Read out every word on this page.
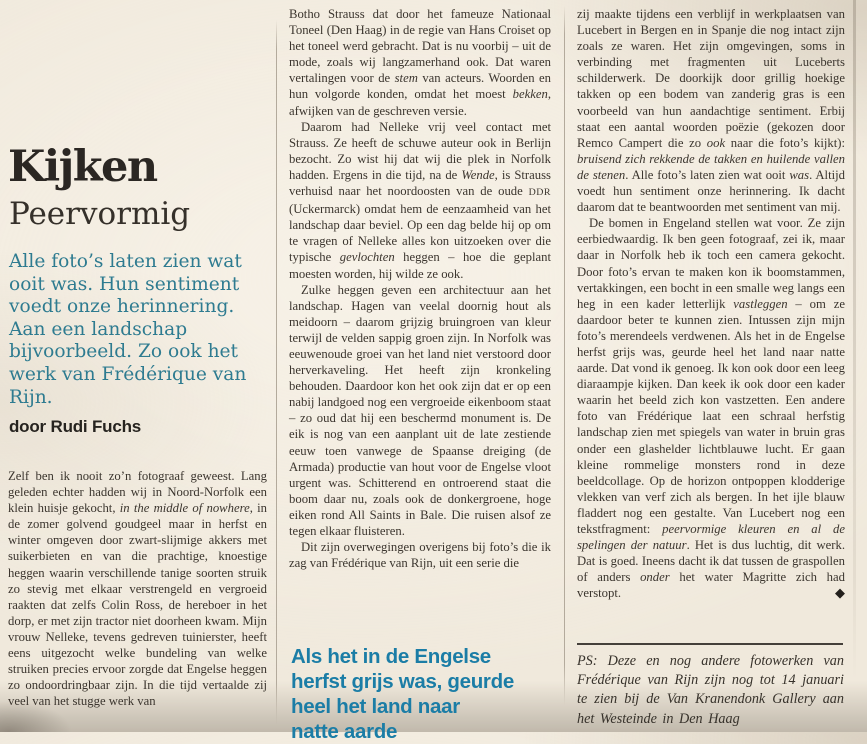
Kijken
Peervormig
Alle foto’s laten zien wat ooit was. Hun sentiment voedt onze herinnering. Aan een landschap bijvoorbeeld. Zo ook het werk van Frédérique van Rijn.
door Rudi Fuchs

Zelf ben ik nooit zo’n fotograaf geweest. Lang geleden echter hadden wij in Noord-Norfolk een klein huisje gekocht, in the middle of nowhere, in de zomer golvend goudgeel maar in herfst en winter omgeven door zwart-slijmige akkers met suikerbieten en van die prachtige, knoestige heggen waarin verschillende tanige soorten struik zo stevig met elkaar verstrengeld en vergroeid raakten dat zelfs Colin Ross, de hereboer in het dorp, er met zijn tractor niet doorheen kwam. Mijn vrouw Nelleke, tevens gedreven tuinierster, heeft eens uitgezocht welke bundeling van welke struiken precies ervoor zorgde dat Engelse heggen zo ondoordringbaar zijn. In die tijd vertaalde zij veel van het stugge werk van

Botho Strauss dat door het fameuze Nationaal Toneel (Den Haag) in de regie van Hans Croiset op het toneel werd gebracht. Dat is nu voorbij – uit de mode, zoals wij langzamerhand ook. Dat waren vertalingen voor de stem van acteurs. Woorden en hun volgorde konden, omdat het moest bekken, afwijken van de geschreven versie.

Daarom had Nelleke vrij veel contact met Strauss. Ze heeft de schuwe auteur ook in Berlijn bezocht. Zo wist hij dat wij die plek in Norfolk hadden. Ergens in die tijd, na de Wende, is Strauss verhuisd naar het noordoosten van de oude DDR (Uckermarck) omdat hem de eenzaamheid van het landschap daar beviel. Op een dag belde hij op om te vragen of Nelleke alles kon uitzoeken over die typische gevlochten heggen – hoe die geplant moesten worden, hij wilde ze ook.

Zulke heggen geven een architectuur aan het landschap. Hagen van veelal doornig hout als meidoorn – daarom grijzig bruingroen van kleur terwijl de velden sappig groen zijn. In Norfolk was eeuwenoude groei van het land niet verstoord door herverkaveling. Het heeft zijn kronkeling behouden. Daardoor kon het ook zijn dat er op een nabij landgoed nog een vergroeide eikenboom staat – zo oud dat hij een beschermd monument is. De eik is nog van een aanplant uit de late zestiende eeuw toen vanwege de Spaanse dreiging (de Armada) productie van hout voor de Engelse vloot urgent was. Schitterend en ontroerend staat die boom daar nu, zoals ook de donkergroene, hoge eiken rond All Saints in Bale. Die ruisen alsof ze tegen elkaar fluisteren.

Dit zijn overwegingen overigens bij foto’s die ik zag van Frédérique van Rijn, uit een serie die

Als het in de Engelse
herfst grijs was, geurde
heel het land naar
natte aarde

zij maakte tijdens een verblijf in werkplaatsen van Lucebert in Bergen en in Spanje die nog intact zijn zoals ze waren. Het zijn omgevingen, soms in verbinding met fragmenten uit Luceberts schilderwerk. De doorkijk door grillig hoekige takken op een bodem van zanderig gras is een voorbeeld van hun aandachtige sentiment. Erbij staat een aantal woorden poëzie (gekozen door Remco Campert die zo ook naar die foto’s kijkt): bruisend zich rekkende de takken en huilende vallen de stenen. Alle foto’s laten zien wat ooit was. Altijd voedt hun sentiment onze herinnering. Ik dacht daarom dat te beantwoorden met sentiment van mij.

De bomen in Engeland stellen wat voor. Ze zijn eerbiedwaardig. Ik ben geen fotograaf, zei ik, maar daar in Norfolk heb ik toch een camera gekocht. Door foto’s ervan te maken kon ik boomstammen, vertakkingen, een bocht in een smalle weg langs een heg in een kader letterlijk vastleggen – om ze daardoor beter te kunnen zien. Intussen zijn mijn foto’s merendeels verdwenen. Als het in de Engelse herfst grijs was, geurde heel het land naar natte aarde. Dat vond ik genoeg. Ik kon ook door een leeg diaraampje kijken. Dan keek ik ook door een kader waarin het beeld zich kon vastzetten. Een andere foto van Frédérique laat een schraal herfstig landschap zien met spiegels van water in bruin gras onder een glashelder lichtblauwe lucht. Er gaan kleine rommelige monsters rond in deze beeldcollage. Op de horizon ontpoppen klodderige vlekken van verf zich als bergen. In het ijle blauw fladdert nog een gestalte. Van Lucebert nog een tekstfragment: peervormige kleuren en al de spelingen der natuur. Het is dus luchtig, dit werk. Dat is goed. Ineens dacht ik dat tussen de graspollen of anders onder het water Magritte zich had verstopt.	◆

PS: Deze en nog andere fotowerken van Frédérique van Rijn zijn nog tot 14 januari te zien bij de Van Kranendonk Gallery aan het Westeinde in Den Haag
